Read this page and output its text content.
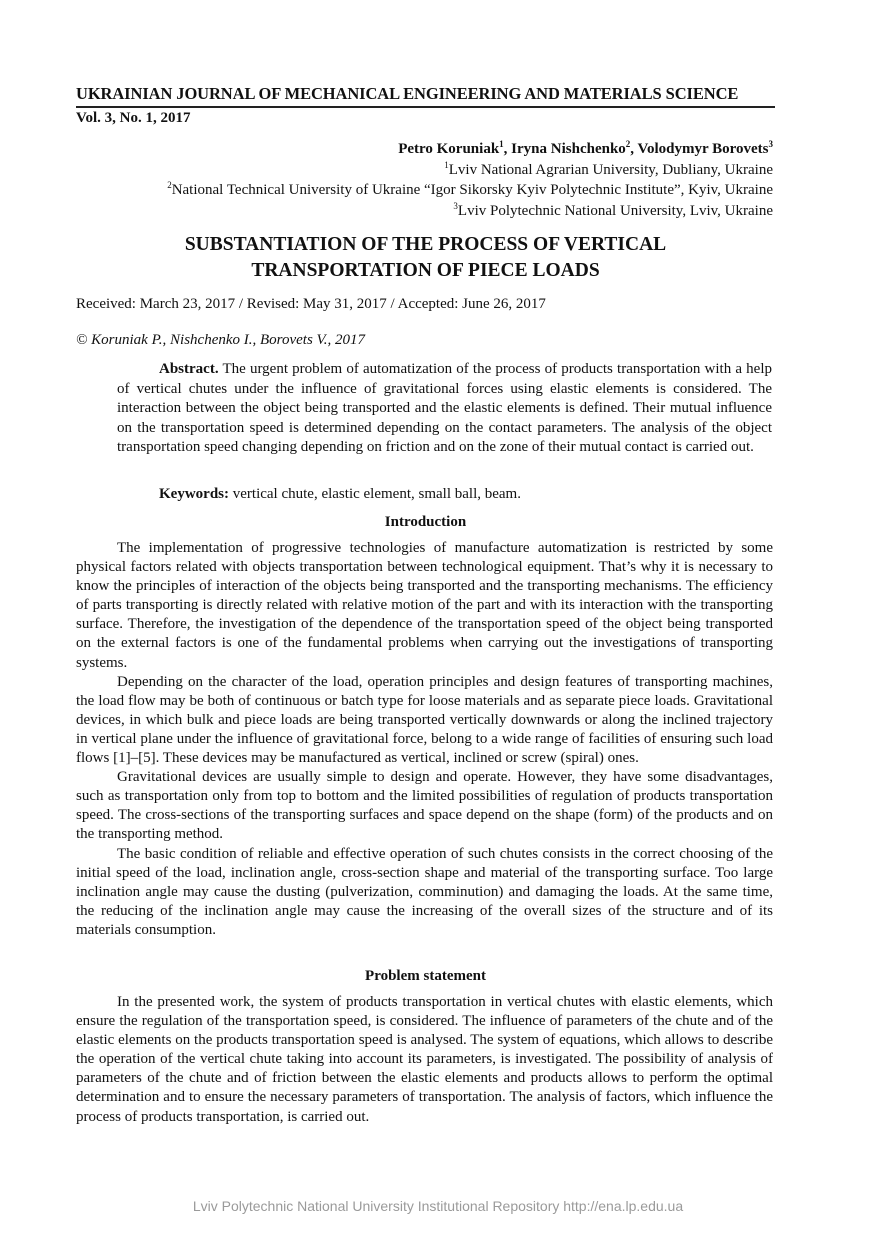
UKRAINIAN JOURNAL OF MECHANICAL ENGINEERING AND MATERIALS SCIENCE
Vol. 3, No. 1, 2017
Petro Koruniak$^1$, Iryna Nishchenko$^2$, Volodymyr Borovets$^3$
$^1$Lviv National Agrarian University, Dubliany, Ukraine
$^2$National Technical University of Ukraine “Igor Sikorsky Kyiv Polytechnic Institute”, Kyiv, Ukraine
$^3$Lviv Polytechnic National University, Lviv, Ukraine
SUBSTANTIATION OF THE PROCESS OF VERTICAL
TRANSPORTATION OF PIECE LOADS
Received: March 23, 2017 / Revised: May 31, 2017 / Accepted: June 26, 2017
© Koruniak P., Nishchenko I., Borovets V., 2017

Abstract. The urgent problem of automatization of the process of products transportation with a help of vertical chutes under the influence of gravitational forces using elastic elements is considered. The interaction between the object being transported and the elastic elements is defined. Their mutual influence on the transportation speed is determined depending on the contact parameters. The analysis of the object transportation speed changing depending on friction and on the zone of their mutual contact is carried out.

Keywords: vertical chute, elastic element, small ball, beam.
Introduction

The implementation of progressive technologies of manufacture automatization is restricted by some physical factors related with objects transportation between technological equipment. That’s why it is necessary to know the principles of interaction of the objects being transported and the transporting mechanisms. The efficiency of parts transporting is directly related with relative motion of the part and with its interaction with the transporting surface. Therefore, the investigation of the dependence of the transportation speed of the object being transported on the external factors is one of the fundamental problems when carrying out the investigations of transporting systems.

Depending on the character of the load, operation principles and design features of transporting machines, the load flow may be both of continuous or batch type for loose materials and as separate piece loads. Gravitational devices, in which bulk and piece loads are being transported vertically downwards or along the inclined trajectory in vertical plane under the influence of gravitational force, belong to a wide range of facilities of ensuring such load flows [1]–[5]. These devices may be manufactured as vertical, inclined or screw (spiral) ones.

Gravitational devices are usually simple to design and operate. However, they have some disadvantages, such as transportation only from top to bottom and the limited possibilities of regulation of products transportation speed. The cross-sections of the transporting surfaces and space depend on the shape (form) of the products and on the transporting method.

The basic condition of reliable and effective operation of such chutes consists in the correct choosing of the initial speed of the load, inclination angle, cross-section shape and material of the transporting surface. Too large inclination angle may cause the dusting (pulverization, comminution) and damaging the loads. At the same time, the reducing of the inclination angle may cause the increasing of the overall sizes of the structure and of its materials consumption.

Problem statement

In the presented work, the system of products transportation in vertical chutes with elastic elements, which ensure the regulation of the transportation speed, is considered. The influence of parameters of the chute and of the elastic elements on the products transportation speed is analysed. The system of equations, which allows to describe the operation of the vertical chute taking into account its parameters, is investigated. The possibility of analysis of parameters of the chute and of friction between the elastic elements and products allows to perform the optimal determination and to ensure the necessary parameters of transportation. The analysis of factors, which influence the process of products transportation, is carried out.

Lviv Polytechnic National University Institutional Repository http://ena.lp.edu.ua
